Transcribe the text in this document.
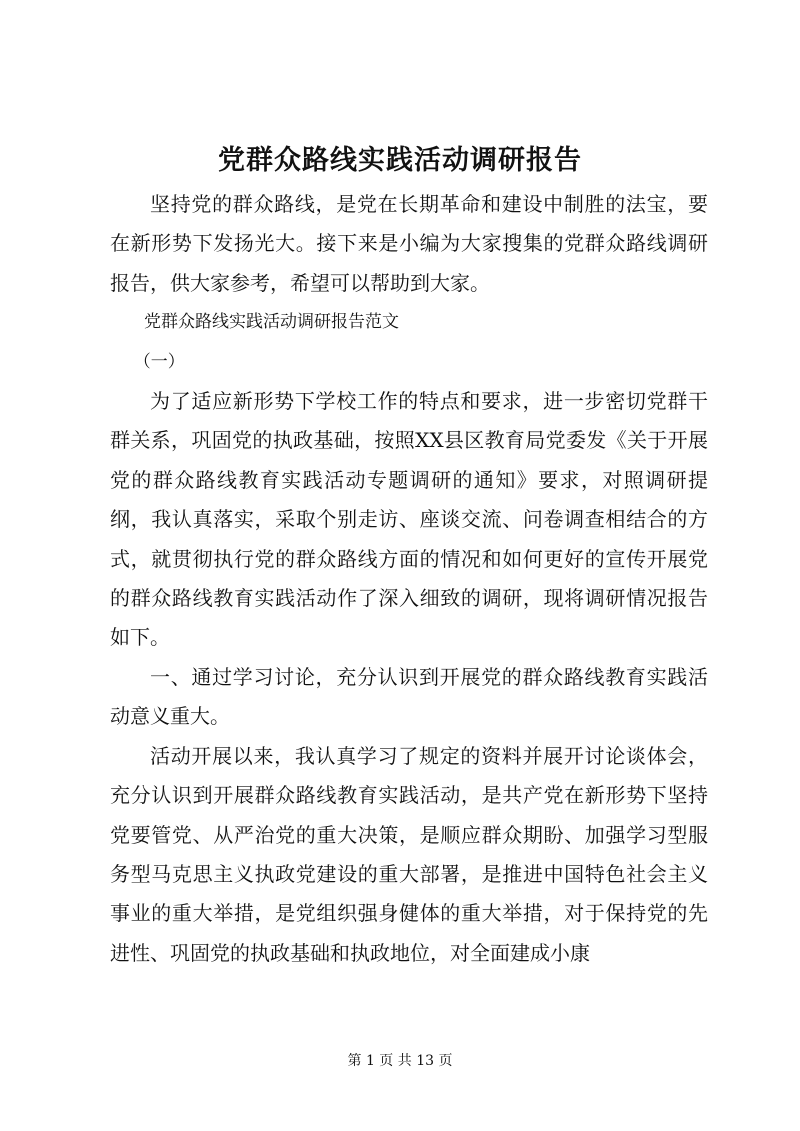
党群众路线实践活动调研报告

坚持党的群众路线，是党在长期革命和建设中制胜的法宝，要在新形势下发扬光大。接下来是小编为大家搜集的党群众路线调研报告，供大家参考，希望可以帮助到大家。

党群众路线实践活动调研报告范文

（一）

为了适应新形势下学校工作的特点和要求，进一步密切党群干群关系，巩固党的执政基础，按照XX县区教育局党委发《关于开展党的群众路线教育实践活动专题调研的通知》要求，对照调研提纲，我认真落实，采取个别走访、座谈交流、问卷调查相结合的方式，就贯彻执行党的群众路线方面的情况和如何更好的宣传开展党的群众路线教育实践活动作了深入细致的调研，现将调研情况报告如下。

一、通过学习讨论，充分认识到开展党的群众路线教育实践活动意义重大。

活动开展以来，我认真学习了规定的资料并展开讨论谈体会，充分认识到开展群众路线教育实践活动，是共产党在新形势下坚持党要管党、从严治党的重大决策，是顺应群众期盼、加强学习型服务型马克思主义执政党建设的重大部署，是推进中国特色社会主义事业的重大举措，是党组织强身健体的重大举措，对于保持党的先进性、巩固党的执政基础和执政地位，对全面建成小康

第 1 页 共 13 页
